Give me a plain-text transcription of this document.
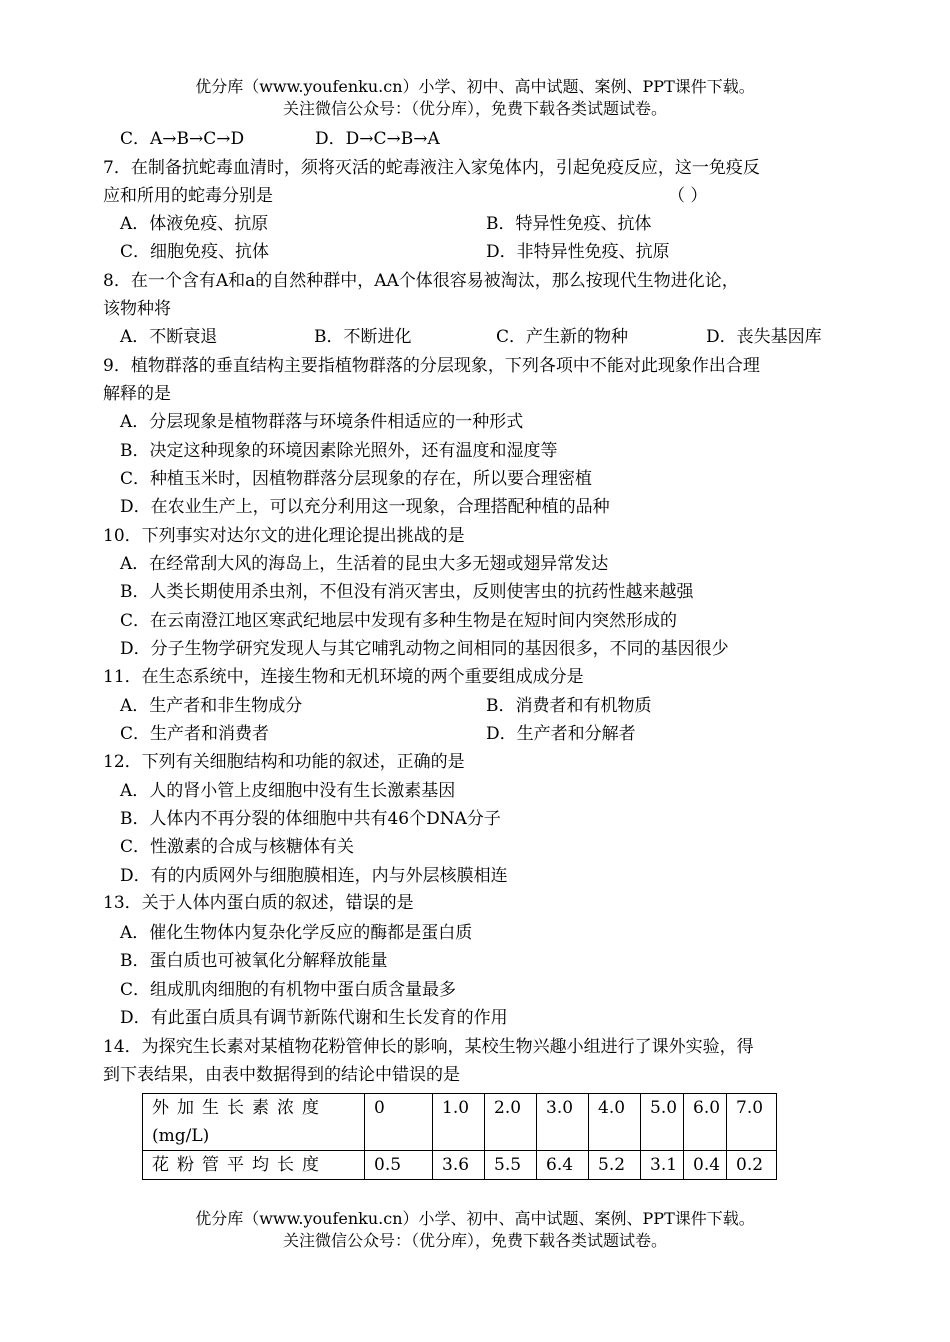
优分库（www.youfenku.cn）小学、初中、高中试题、案例、PPT课件下载。
关注微信公众号：（优分库），免费下载各类试题试卷。
C．A→B→C→D	D．D→C→B→A
7．在制备抗蛇毒血清时，须将灭活的蛇毒液注入家兔体内，引起免疫反应，这一免疫反
应和所用的蛇毒分别是	（ ）
A．体液免疫、抗原	B．特异性免疫、抗体
C．细胞免疫、抗体	D．非特异性免疫、抗原
8．在一个含有A和a的自然种群中，AA个体很容易被淘汰，那么按现代生物进化论，
该物种将
A．不断衰退	B．不断进化	C．产生新的物种	D．丧失基因库
9．植物群落的垂直结构主要指植物群落的分层现象，下列各项中不能对此现象作出合理
解释的是
A．分层现象是植物群落与环境条件相适应的一种形式
B．决定这种现象的环境因素除光照外，还有温度和湿度等
C．种植玉米时，因植物群落分层现象的存在，所以要合理密植
D．在农业生产上，可以充分利用这一现象，合理搭配种植的品种
10．下列事实对达尔文的进化理论提出挑战的是
A．在经常刮大风的海岛上，生活着的昆虫大多无翅或翅异常发达
B．人类长期使用杀虫剂，不但没有消灭害虫，反则使害虫的抗药性越来越强
C．在云南澄江地区寒武纪地层中发现有多种生物是在短时间内突然形成的
D．分子生物学研究发现人与其它哺乳动物之间相同的基因很多，不同的基因很少
11．在生态系统中，连接生物和无机环境的两个重要组成成分是
A．生产者和非生物成分	B．消费者和有机物质
C．生产者和消费者	D．生产者和分解者
12．下列有关细胞结构和功能的叙述，正确的是
A．人的肾小管上皮细胞中没有生长激素基因
B．人体内不再分裂的体细胞中共有46个DNA分子
C．性激素的合成与核糖体有关
D．有的内质网外与细胞膜相连，内与外层核膜相连
13．关于人体内蛋白质的叙述，错误的是
A．催化生物体内复杂化学反应的酶都是蛋白质
B．蛋白质也可被氧化分解释放能量
C．组成肌肉细胞的有机物中蛋白质含量最多
D．有此蛋白质具有调节新陈代谢和生长发育的作用
14．为探究生长素对某植物花粉管伸长的影响，某校生物兴趣小组进行了课外实验，得
到下表结果，由表中数据得到的结论中错误的是
外加生长素浓度
(mg/L)	0	1.0	2.0	3.0	4.0	5.0	6.0	7.0
花粉管平均长度	0.5	3.6	5.5	6.4	5.2	3.1	0.4	0.2
优分库（www.youfenku.cn）小学、初中、高中试题、案例、PPT课件下载。
关注微信公众号：（优分库），免费下载各类试题试卷。
